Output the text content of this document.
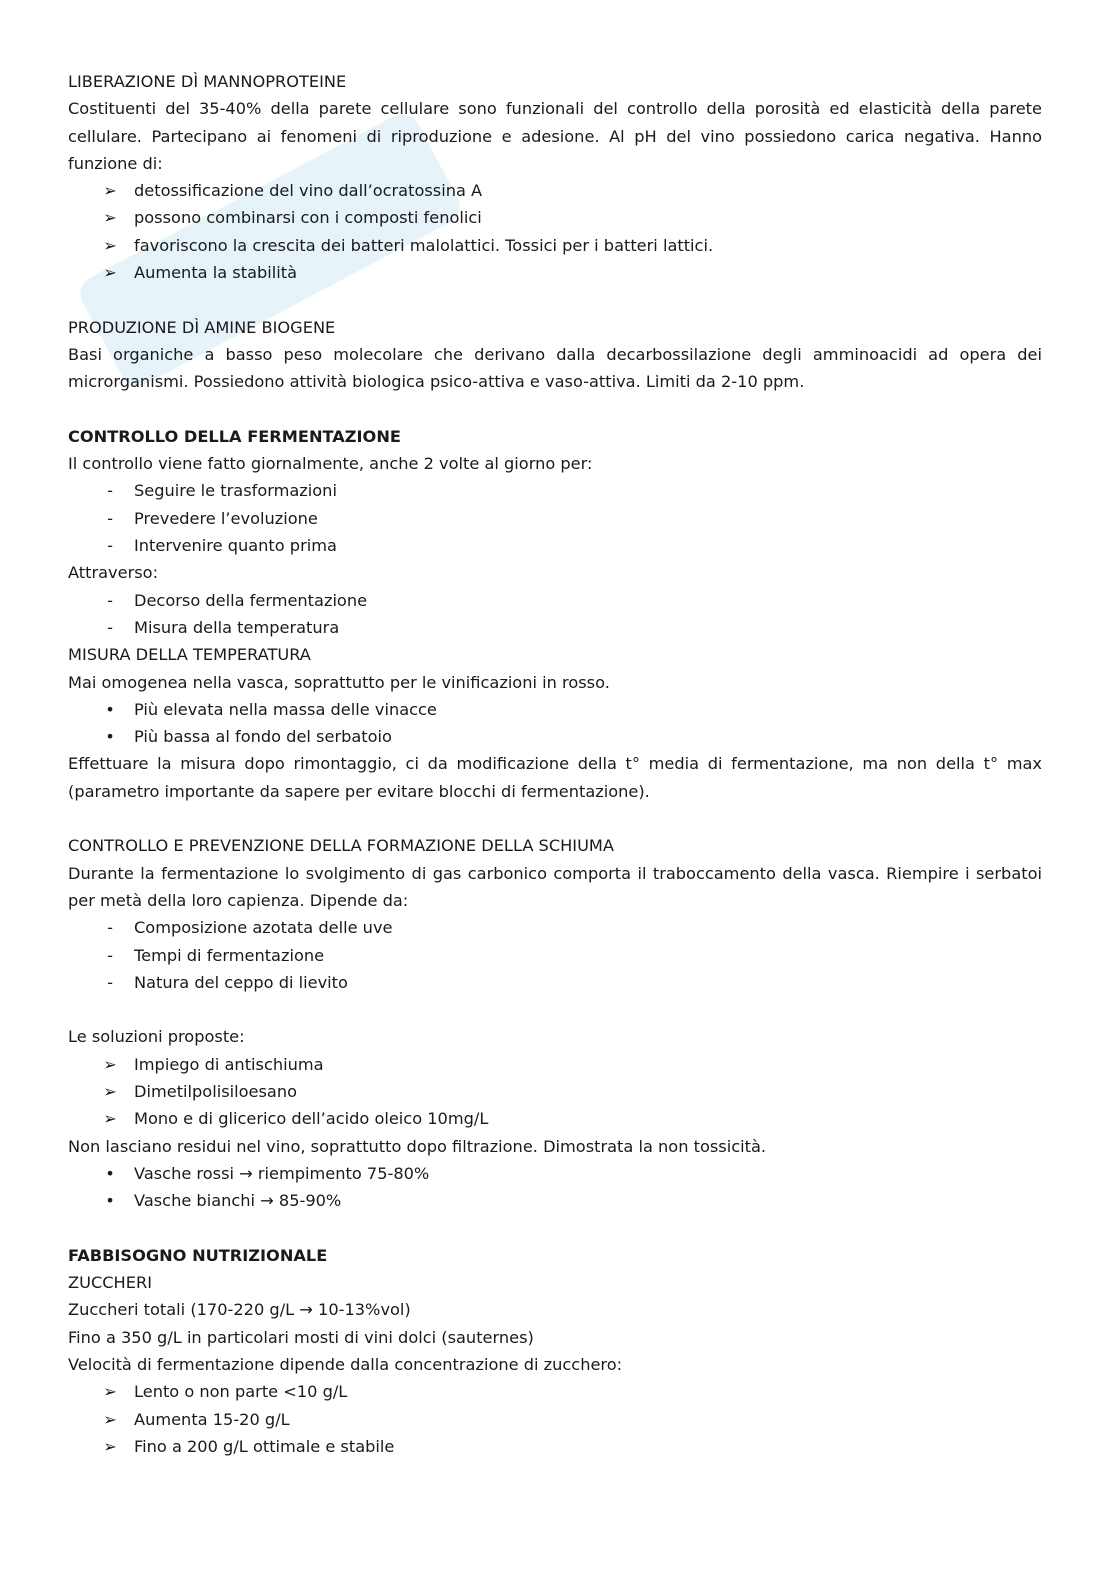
LIBERAZIONE DÌ MANNOPROTEINE

Costituenti del 35-40% della parete cellulare sono funzionali del controllo della porosità ed elasticità della parete cellulare. Partecipano ai fenomeni di riproduzione e adesione. Al pH del vino possiedono carica negativa. Hanno funzione di:

➢ detossificazione del vino dall’ocratossina A
➢ possono combinarsi con i composti fenolici
➢ favoriscono la crescita dei batteri malolattici. Tossici per i batteri lattici.
➢ Aumenta la stabilità

PRODUZIONE DÌ AMINE BIOGENE

Basi organiche a basso peso molecolare che derivano dalla decarbossilazione degli amminoacidi ad opera dei microrganismi. Possiedono attività biologica psico-attiva e vaso-attiva. Limiti da 2-10 ppm.

CONTROLLO DELLA FERMENTAZIONE

Il controllo viene fatto giornalmente, anche 2 volte al giorno per:

-	Seguire le trasformazioni
-	Prevedere l’evoluzione
-	Intervenire quanto prima

Attraverso:

-	Decorso della fermentazione
-	Misura della temperatura

MISURA DELLA TEMPERATURA

Mai omogenea nella vasca, soprattutto per le vinificazioni in rosso.

•	Più elevata nella massa delle vinacce
•	Più bassa al fondo del serbatoio

Effettuare la misura dopo rimontaggio, ci da modificazione della t° media di fermentazione, ma non della t° max (parametro importante da sapere per evitare blocchi di fermentazione).

CONTROLLO E PREVENZIONE DELLA FORMAZIONE DELLA SCHIUMA

Durante la fermentazione lo svolgimento di gas carbonico comporta il traboccamento della vasca. Riempire i serbatoi per metà della loro capienza. Dipende da:

-	Composizione azotata delle uve
-	Tempi di fermentazione
-	Natura del ceppo di lievito

Le soluzioni proposte:

➢ Impiego di antischiuma
➢ Dimetilpolisiloesano
➢ Mono e di glicerico dell’acido oleico 10mg/L

Non lasciano residui nel vino, soprattutto dopo filtrazione. Dimostrata la non tossicità.

•	Vasche rossi → riempimento 75-80%
•	Vasche bianchi → 85-90%

FABBISOGNO NUTRIZIONALE

ZUCCHERI

Zuccheri totali (170-220 g/L → 10-13%vol)

Fino a 350 g/L in particolari mosti di vini dolci (sauternes)

Velocità di fermentazione dipende dalla concentrazione di zucchero:

➢ Lento o non parte <10 g/L
➢ Aumenta 15-20 g/L
➢ Fino a 200 g/L ottimale e stabile
